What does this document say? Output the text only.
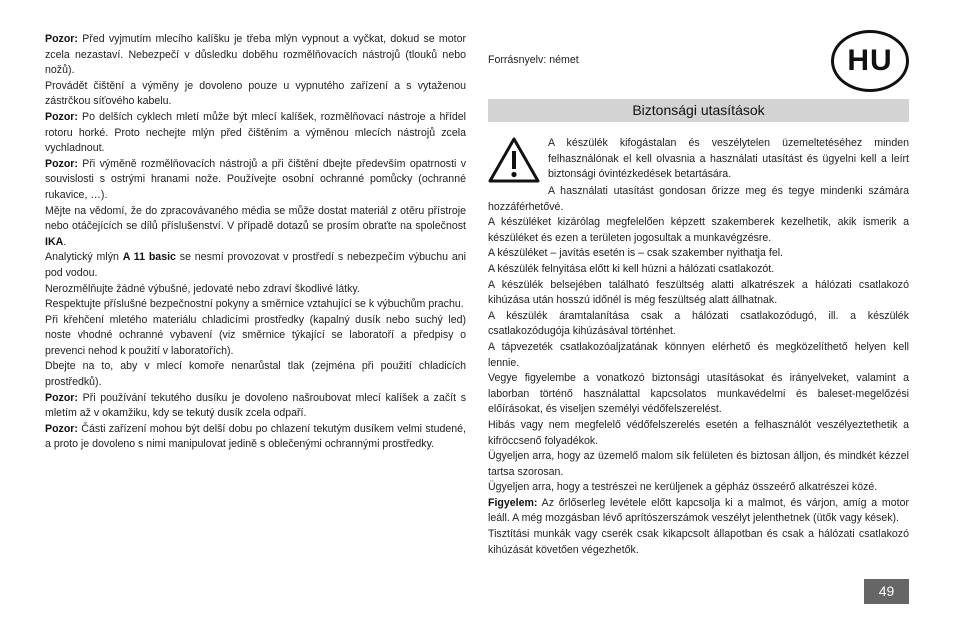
Pozor: Před vyjmutím mlecího kalíšku je třeba mlýn vypnout a vyčkat, dokud se motor zcela nezastaví. Nebezpečí v důsledku doběhu rozmělňovacích nástrojů (tlouků nebo nožů).

Provádět čištění a výměny je dovoleno pouze u vypnutého zařízení a s vytaženou zástrčkou síťového kabelu.

Pozor: Po delších cyklech mletí může být mlecí kalíšek, rozmělňovací nástroje a hřídel rotoru horké. Proto nechejte mlýn před čištěním a výměnou mlecích nástrojů zcela vychladnout.

Pozor: Při výměně rozmělňovacích nástrojů a při čištění dbejte především opatrnosti v souvislosti s ostrými hranami nože. Používejte osobní ochranné pomůcky (ochranné rukavice, …).

Mějte na vědomí, že do zpracovávaného média se může dostat materiál z otěru přístroje nebo otáčejících se dílů příslušenství. V případě dotazů se prosím obraťte na společnost IKA.

Analytický mlýn A 11 basic se nesmí provozovat v prostředí s nebezpečím výbuchu ani pod vodou.

Nerozmělňujte žádné výbušné, jedovaté nebo zdraví škodlivé látky.

Respektujte příslušné bezpečnostní pokyny a směrnice vztahující se k výbuchům prachu.

Při křehčení mletého materiálu chladicími prostředky (kapalný dusík nebo suchý led) noste vhodné ochranné vybavení (viz směrnice týkající se laboratoří a předpisy o prevenci nehod k použití v laboratořích).

Dbejte na to, aby v mlecí komoře nenarůstal tlak (zejména při použití chladicích prostředků).

Pozor: Při používání tekutého dusíku je dovoleno našroubovat mlecí kalíšek a začít s mletím až v okamžiku, kdy se tekutý dusík zcela odpaří.

Pozor: Části zařízení mohou být delší dobu po chlazení tekutým dusíkem velmi studené, a proto je dovoleno s nimi manipulovat jedině s oblečenými ochrannými prostředky.

Forrásnyelv: német	HU
Biztonsági utasítások

A készülék kifogástalan és veszélytelen üzemeltetéséhez minden felhasználónak el kell olvasnia a használati utasítást és ügyelni kell a leírt biztonsági óvintézkedések betartására.

A használati utasítást gondosan őrizze meg és tegye mindenki számára hozzáférhetővé.

A készüléket kizárólag megfelelően képzett szakemberek kezelhetik, akik ismerik a készüléket és ezen a területen jogosultak a munkavégzésre.

A készüléket – javítás esetén is – csak szakember nyithatja fel.

A készülék felnyitása előtt ki kell húzni a hálózati csatlakozót.

A készülék belsejében található feszültség alatti alkatrészek a hálózati csatlakozó kihúzása után hosszú időnél is még feszültség alatt állhatnak.

A készülék áramtalanítása csak a hálózati csatlakozódugó, ill. a készülék csatlakozódugója kihúzásával történhet.

A tápvezeték csatlakozóaljzatának könnyen elérhető és megközelíthető helyen kell lennie.

Vegye figyelembe a vonatkozó biztonsági utasításokat és irányelveket, valamint a laborban történő használattal kapcsolatos munkavédelmi és baleset-megelőzési előírásokat, és viseljen személyi védőfelszerelést.

Hibás vagy nem megfelelő védőfelszerelés esetén a felhasználót veszélyeztethetik a kifröccsenő folyadékok.

Ügyeljen arra, hogy az üzemelő malom sík felületen és biztosan álljon, és mindkét kézzel tartsa szorosan.

Ügyeljen arra, hogy a testrészei ne kerüljenek a gépház összeérő alkatrészei közé.

Figyelem: Az őrlőserleg levétele előtt kapcsolja ki a malmot, és várjon, amíg a motor leáll. A még mozgásban lévő aprítószerszámok veszélyt jelenthetnek (ütők vagy kések).

Tisztítási munkák vagy cserék csak kikapcsolt állapotban és csak a hálózati csatlakozó kihúzását követően végezhetők.

49
